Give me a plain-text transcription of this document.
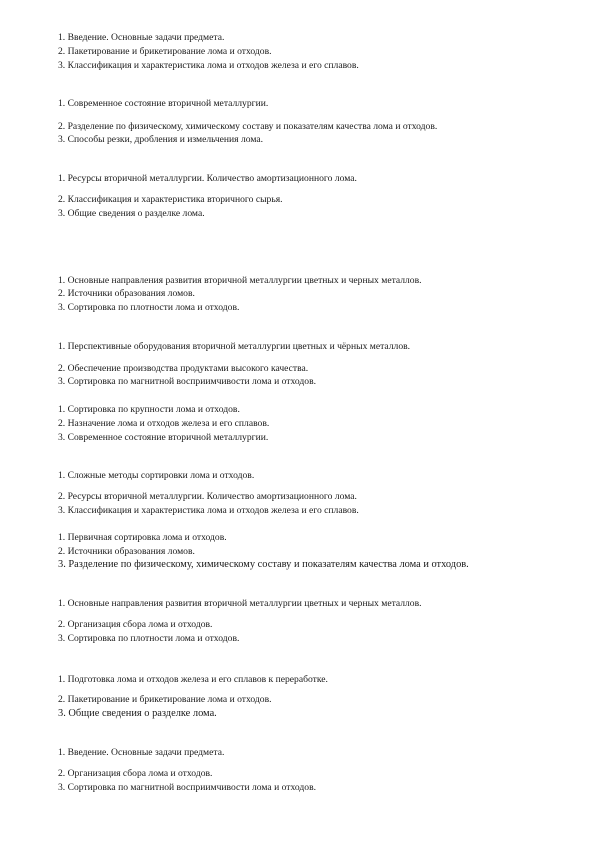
1. Введение. Основные задачи предмета.
2. Пакетирование и брикетирование лома и отходов.
3. Классификация и характеристика лома и отходов железа и его сплавов.
1. Современное состояние вторичной металлургии.
2. Разделение по физическому, химическому составу и показателям качества лома и отходов.
3. Способы резки, дробления и измельчения лома.
1. Ресурсы вторичной металлургии. Количество амортизационного лома.
2. Классификация и характеристика вторичного сырья.
3. Общие сведения о разделке лома.
1. Основные направления развития вторичной металлургии цветных и черных металлов.
2. Источники образования ломов.
3. Сортировка по плотности лома и отходов.
1. Перспективные оборудования вторичной металлургии цветных и чёрных металлов.
2. Обеспечение производства продуктами высокого качества.
3. Сортировка по магнитной восприимчивости лома и отходов.
1. Сортировка по крупности лома и отходов.
2. Назначение лома и отходов железа и его сплавов.
3. Современное состояние вторичной металлургии.
1. Сложные методы сортировки лома и отходов.
2. Ресурсы вторичной металлургии. Количество амортизационного лома.
3. Классификация и характеристика лома и отходов железа и его сплавов.
1. Первичная сортировка лома и отходов.
2. Источники образования ломов.
3. Разделение по физическому, химическому составу и показателям качества лома и отходов.
1. Основные направления развития вторичной металлургии цветных и черных металлов.
2. Организация сбора лома и отходов.
3. Сортировка по плотности лома и отходов.
1. Подготовка лома и отходов железа и его сплавов к переработке.
2. Пакетирование и брикетирование лома и отходов.
3. Общие сведения о разделке лома.
1. Введение. Основные задачи предмета.
2. Организация сбора лома и отходов.
3. Сортировка по магнитной восприимчивости лома и отходов.
